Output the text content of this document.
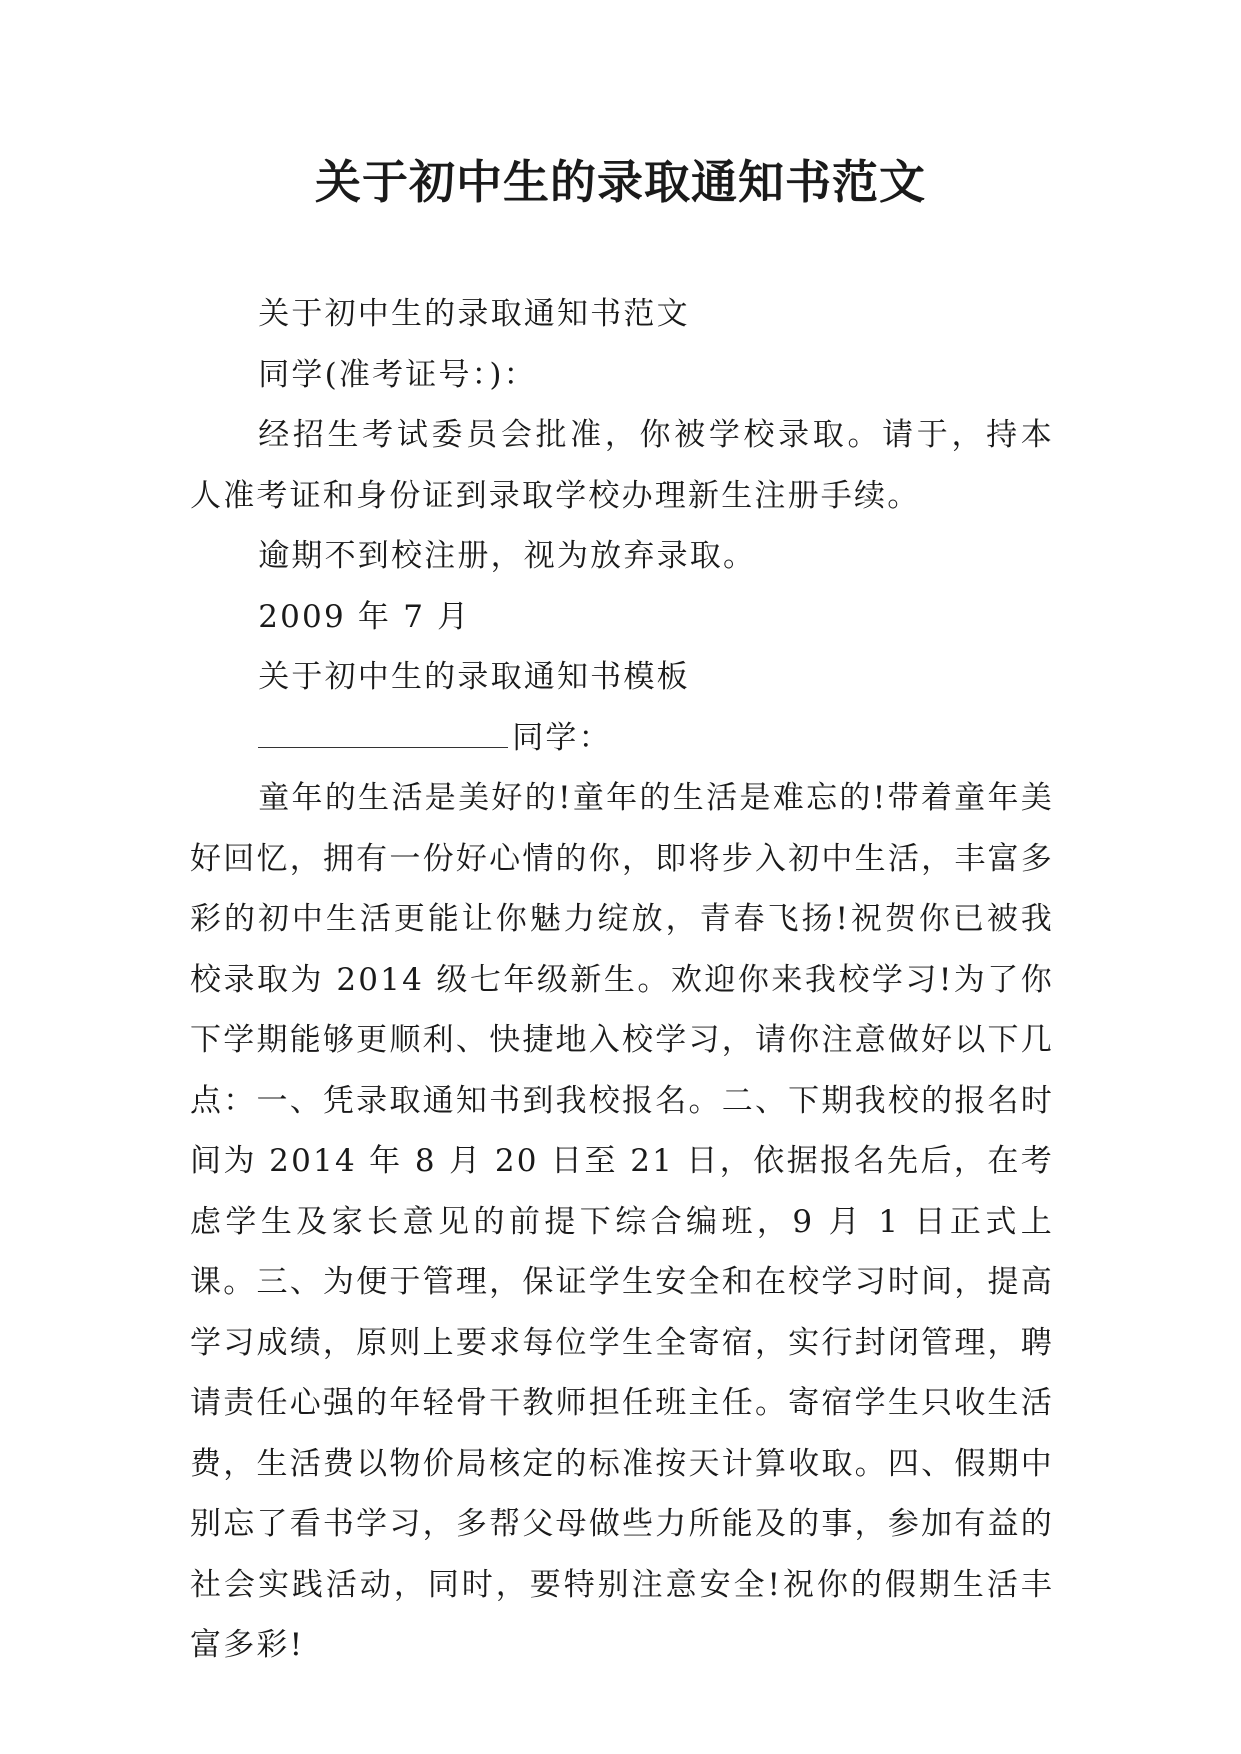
关于初中生的录取通知书范文

关于初中生的录取通知书范文

同学(准考证号：)：

经招生考试委员会批准，你被学校录取。请于，持本人准考证和身份证到录取学校办理新生注册手续。

逾期不到校注册，视为放弃录取。

2009 年 7 月

关于初中生的录取通知书模板

同学：

童年的生活是美好的!童年的生活是难忘的!带着童年美好回忆，拥有一份好心情的你，即将步入初中生活，丰富多彩的初中生活更能让你魅力绽放，青春飞扬!祝贺你已被我校录取为 2014 级七年级新生。欢迎你来我校学习!为了你下学期能够更顺利、快捷地入校学习，请你注意做好以下几点：一、凭录取通知书到我校报名。二、下期我校的报名时间为 2014 年 8 月 20 日至 21 日，依据报名先后，在考虑学生及家长意见的前提下综合编班，9 月 1 日正式上课。三、为便于管理，保证学生安全和在校学习时间，提高学习成绩，原则上要求每位学生全寄宿，实行封闭管理，聘请责任心强的年轻骨干教师担任班主任。寄宿学生只收生活费，生活费以物价局核定的标准按天计算收取。四、假期中别忘了看书学习，多帮父母做些力所能及的事，参加有益的社会实践活动，同时，要特别注意安全!祝你的假期生活丰富多彩!
